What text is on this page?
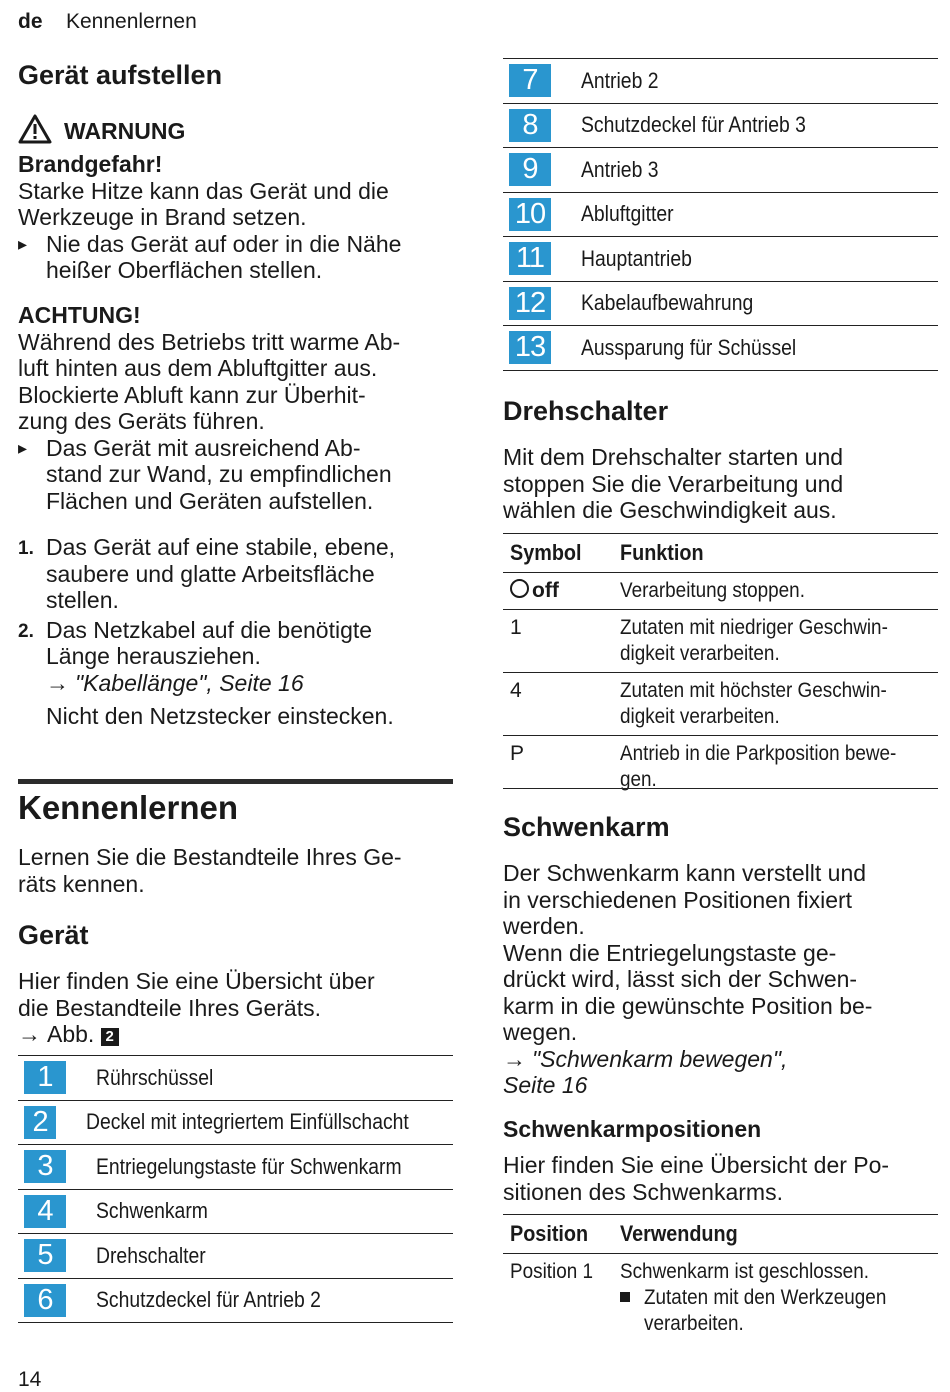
de Kennenlernen
Gerät aufstellen
WARNUNG
Brandgefahr!
Starke Hitze kann das Gerät und die
Werkzeuge in Brand setzen.
▸ Nie das Gerät auf oder in die Nähe
heißer Oberflächen stellen.
ACHTUNG!
Während des Betriebs tritt warme Ab-
luft hinten aus dem Abluftgitter aus.
Blockierte Abluft kann zur Überhit-
zung des Geräts führen.
▸ Das Gerät mit ausreichend Ab-
stand zur Wand, zu empfindlichen
Flächen und Geräten aufstellen.
1. Das Gerät auf eine stabile, ebene,
saubere und glatte Arbeitsfläche
stellen.
2. Das Netzkabel auf die benötigte
Länge herausziehen.
→ "Kabellänge", Seite 16
Nicht den Netzstecker einstecken.
Kennenlernen
Lernen Sie die Bestandteile Ihres Ge-
räts kennen.
Gerät
Hier finden Sie eine Übersicht über
die Bestandteile Ihres Geräts.
→ Abb. 2
1	Rührschüssel
2	Deckel mit integriertem Einfüllschacht
3	Entriegelungstaste für Schwenkarm
4	Schwenkarm
5	Drehschalter
6	Schutzdeckel für Antrieb 2
14
7	Antrieb 2
8	Schutzdeckel für Antrieb 3
9	Antrieb 3
10 Abluftgitter
11	Hauptantrieb
12 Kabelaufbewahrung
13 Aussparung für Schüssel
Drehschalter
Mit dem Drehschalter starten und
stoppen Sie die Verarbeitung und
wählen die Geschwindigkeit aus.
Symbol	Funktion
off	Verarbeitung stoppen.
1	Zutaten mit niedriger Geschwin-
digkeit verarbeiten.
4	Zutaten mit höchster Geschwin-
digkeit verarbeiten.
P	Antrieb in die Parkposition bewe-
gen.
Schwenkarm
Der Schwenkarm kann verstellt und
in verschiedenen Positionen fixiert
werden.
Wenn die Entriegelungstaste ge-
drückt wird, lässt sich der Schwen-
karm in die gewünschte Position be-
wegen.
→ "Schwenkarm bewegen",
Seite 16
Schwenkarmpositionen
Hier finden Sie eine Übersicht der Po-
sitionen des Schwenkarms.
Position	Verwendung
Position 1	Schwenkarm ist geschlossen.
Zutaten mit den Werkzeugen
verarbeiten.
